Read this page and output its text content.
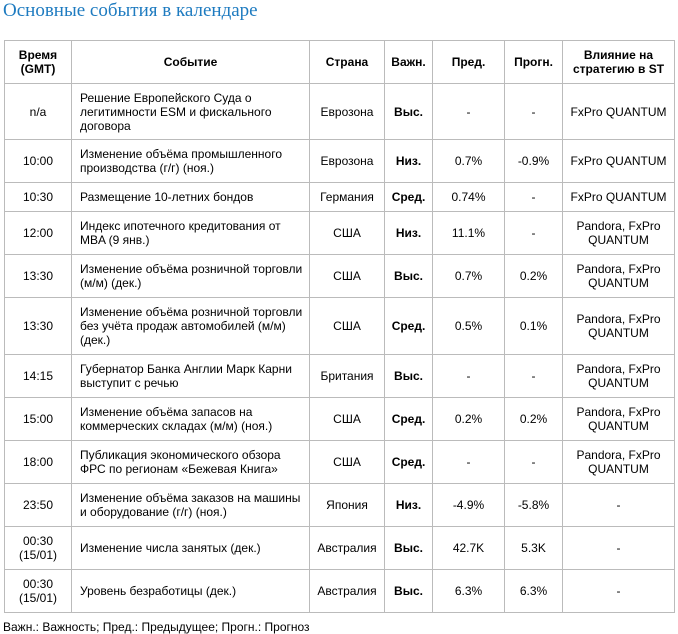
Основные события в календаре
Время (GMT)	Событие	Страна	Важн.	Пред.	Прогн.	Влияние на стратегию в ST
n/a	Решение Европейского Суда о легитимности ESM и фискального договора	Еврозона	Выс.	-	-	FxPro QUANTUM
10:00	Изменение объёма промышленного производства (г/г) (ноя.)	Еврозона	Низ.	0.7%	-0.9%	FxPro QUANTUM
10:30	Размещение 10-летних бондов	Германия	Сред.	0.74%	-	FxPro QUANTUM
12:00	Индекс ипотечного кредитования от MBA (9 янв.)	США	Низ.	11.1%	-	Pandora, FxPro QUANTUM
13:30	Изменение объёма розничной торговли (м/м) (дек.)	США	Выс.	0.7%	0.2%	Pandora, FxPro QUANTUM
13:30	Изменение объёма розничной торговли без учёта продаж автомобилей (м/м) (дек.)	США	Сред.	0.5%	0.1%	Pandora, FxPro QUANTUM
14:15	Губернатор Банка Англии Марк Карни выступит с речью	Британия	Выс.	-	-	Pandora, FxPro QUANTUM
15:00	Изменение объёма запасов на коммерческих складах (м/м) (ноя.)	США	Сред.	0.2%	0.2%	Pandora, FxPro QUANTUM
18:00	Публикация экономического обзора ФРС по регионам «Бежевая Книга»	США	Сред.	-	-	Pandora, FxPro QUANTUM
23:50	Изменение объёма заказов на машины и оборудование (г/г) (ноя.)	Япония	Низ.	-4.9%	-5.8%	-
00:30 (15/01)	Изменение числа занятых (дек.)	Австралия	Выс.	42.7K	5.3K	-
00:30 (15/01)	Уровень безработицы (дек.)	Австралия	Выс.	6.3%	6.3%	-
Важн.: Важность; Пред.: Предыдущее; Прогн.: Прогноз
